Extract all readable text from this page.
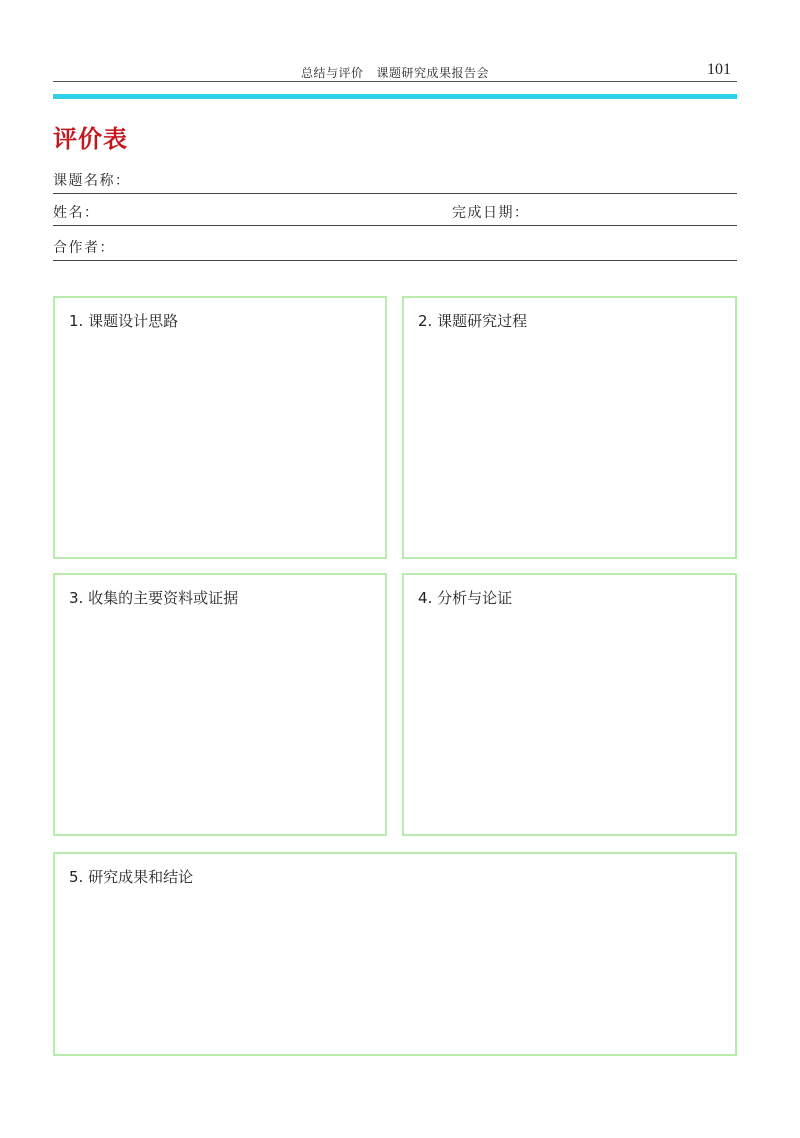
总结与评价   课题研究成果报告会	101
评价表
课题名称：
姓名：	完成日期：
合作者：
1. 课题设计思路	2. 课题研究过程
3. 收集的主要资料或证据	4. 分析与论证
5. 研究成果和结论
